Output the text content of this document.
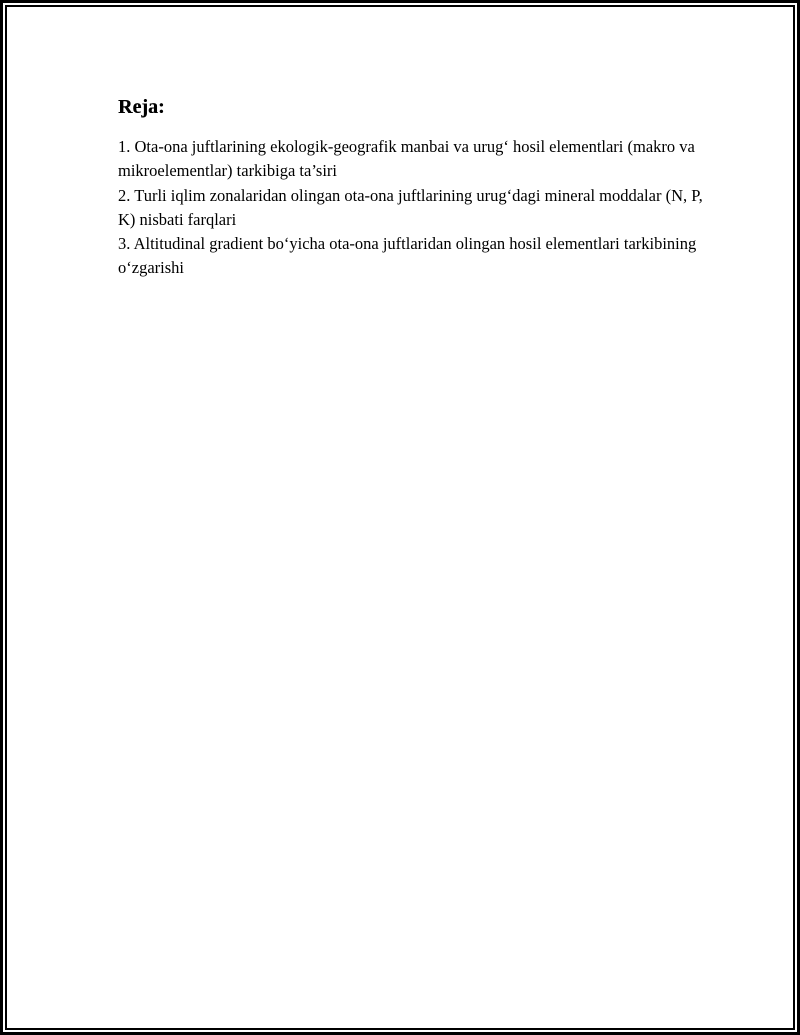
Reja:

1. Ota-ona juftlarining ekologik-geografik manbai va urug‘ hosil elementlari (makro va mikroelementlar) tarkibiga ta’siri

2. Turli iqlim zonalaridan olingan ota-ona juftlarining urug‘dagi mineral moddalar (N, P, K) nisbati farqlari

3. Altitudinal gradient bo‘yicha ota-ona juftlaridan olingan hosil elementlari tarkibining o‘zgarishi
